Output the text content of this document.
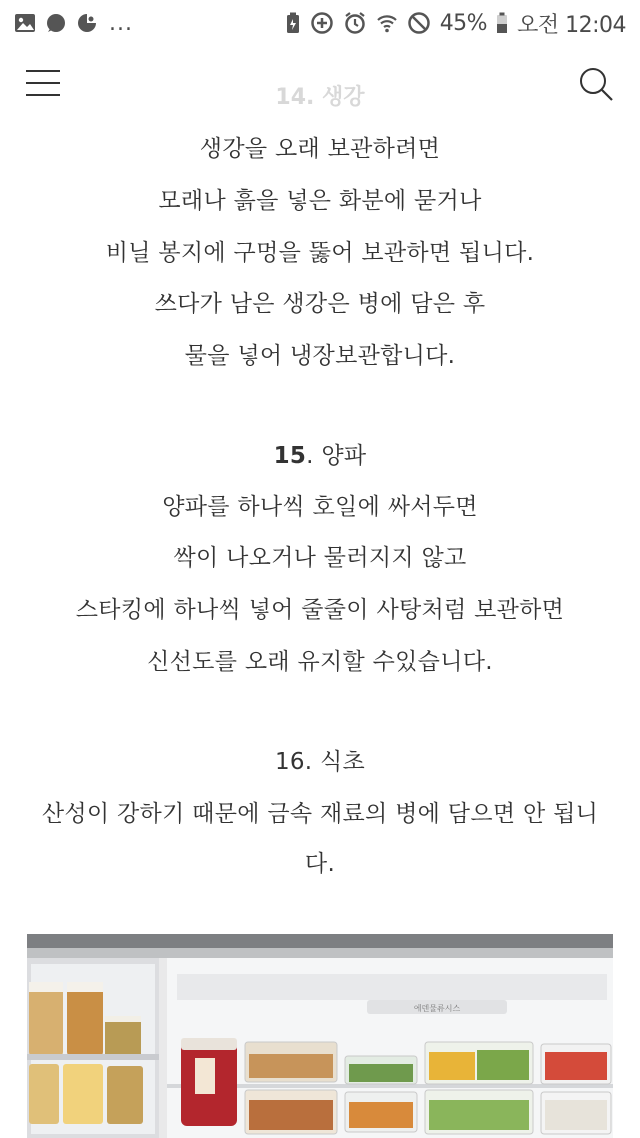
...	45% 오전 12:04
14. 생강
생강을 오래 보관하려면
모래나 흙을 넣은 화분에 묻거나
비닐 봉지에 구멍을 뚫어 보관하면 됩니다.
쓰다가 남은 생강은 병에 담은 후
물을 넣어 냉장보관합니다.
15. 양파
양파를 하나씩 호일에 싸서두면
싹이 나오거나 물러지지 않고
스타킹에 하나씩 넣어 줄줄이 사탕처럼 보관하면
신선도를 오래 유지할 수있습니다.
16. 식초
산성이 강하기 때문에 금속 재료의 병에 담으면 안 됩니
다.
에덴물류시스
